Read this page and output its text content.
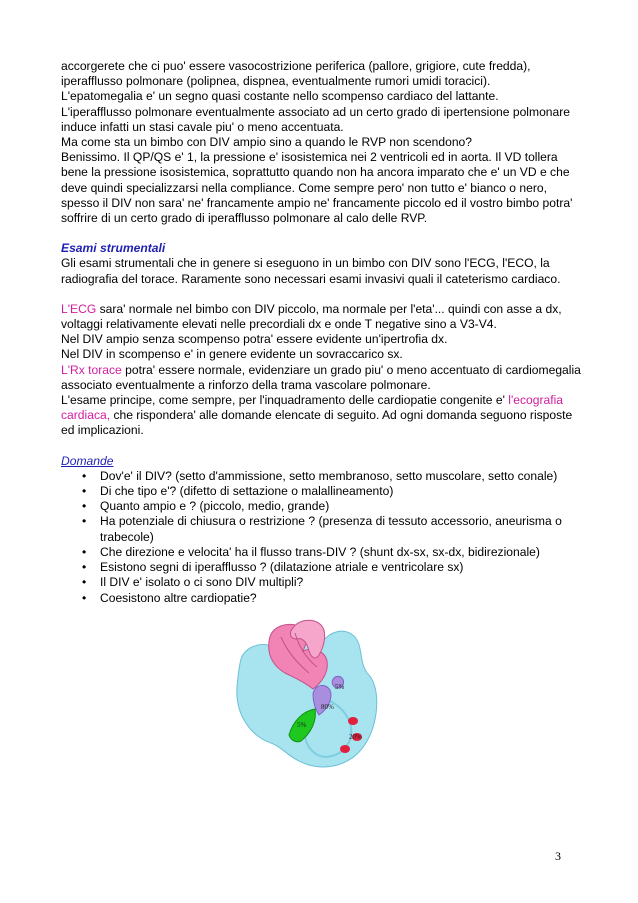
accorgerete che ci puo' essere vasocostrizione periferica (pallore, grigiore, cute fredda), iperafflusso polmonare (polipnea, dispnea, eventualmente rumori umidi toracici).

L'epatomegalia e' un segno quasi costante nello scompenso cardiaco del lattante.

L'iperafflusso polmonare eventualmente associato ad un certo grado di ipertensione polmonare induce infatti un stasi cavale piu' o meno accentuata.

Ma come sta un bimbo con DIV ampio sino a quando le RVP non scendono?

Benissimo. Il QP/QS e' 1, la pressione e' isosistemica nei 2 ventricoli ed in aorta. Il VD tollera bene la pressione isosistemica, soprattutto quando non ha ancora imparato che e' un VD e che deve quindi specializzarsi nella compliance. Come sempre pero' non tutto e' bianco o nero, spesso il DIV non sara' ne' francamente ampio ne' francamente piccolo ed il vostro bimbo potra' soffrire di un certo grado di iperafflusso polmonare al calo delle RVP.

Esami strumentali

Gli esami strumentali che in genere si eseguono in un bimbo con DIV sono l'ECG, l'ECO, la radiografia del torace. Raramente sono necessari esami invasivi quali il cateterismo cardiaco.

L'ECG sara' normale nel bimbo con DIV piccolo, ma normale per l'eta'... quindi con asse a dx, voltaggi relativamente elevati nelle precordiali dx e onde T negative sino a V3-V4.

Nel DIV ampio senza scompenso potra' essere evidente un'ipertrofia dx.

Nel DIV in scompenso e' in genere evidente un sovraccarico sx.

L'Rx torace potra' essere normale, evidenziare un grado piu' o meno accentuato di cardiomegalia associato eventualmente a rinforzo della trama vascolare polmonare.

L'esame principe, come sempre, per l'inquadramento delle cardiopatie congenite e' l'ecografia cardiaca, che rispondera' alle domande elencate di seguito. Ad ogni domanda seguono risposte ed implicazioni.

Domande

• Dov'e' il DIV? (setto d'ammissione, setto membranoso, setto muscolare, setto conale)
• Di che tipo e'? (difetto di settazione o malallineamento)
• Quanto ampio e ? (piccolo, medio, grande)
• Ha potenziale di chiusura o restrizione ? (presenza di tessuto accessorio, aneurisma o trabecole)
• Che direzione e velocita' ha il flusso trans-DIV ? (shunt dx-sx, sx-dx, bidirezionale)
• Esistono segni di iperafflusso ? (dilatazione atriale e ventricolare sx)
• Il DIV e' isolato o ci sono DIV multipli?
• Coesistono altre cardiopatie?
5%
80%
5%
20%
3
